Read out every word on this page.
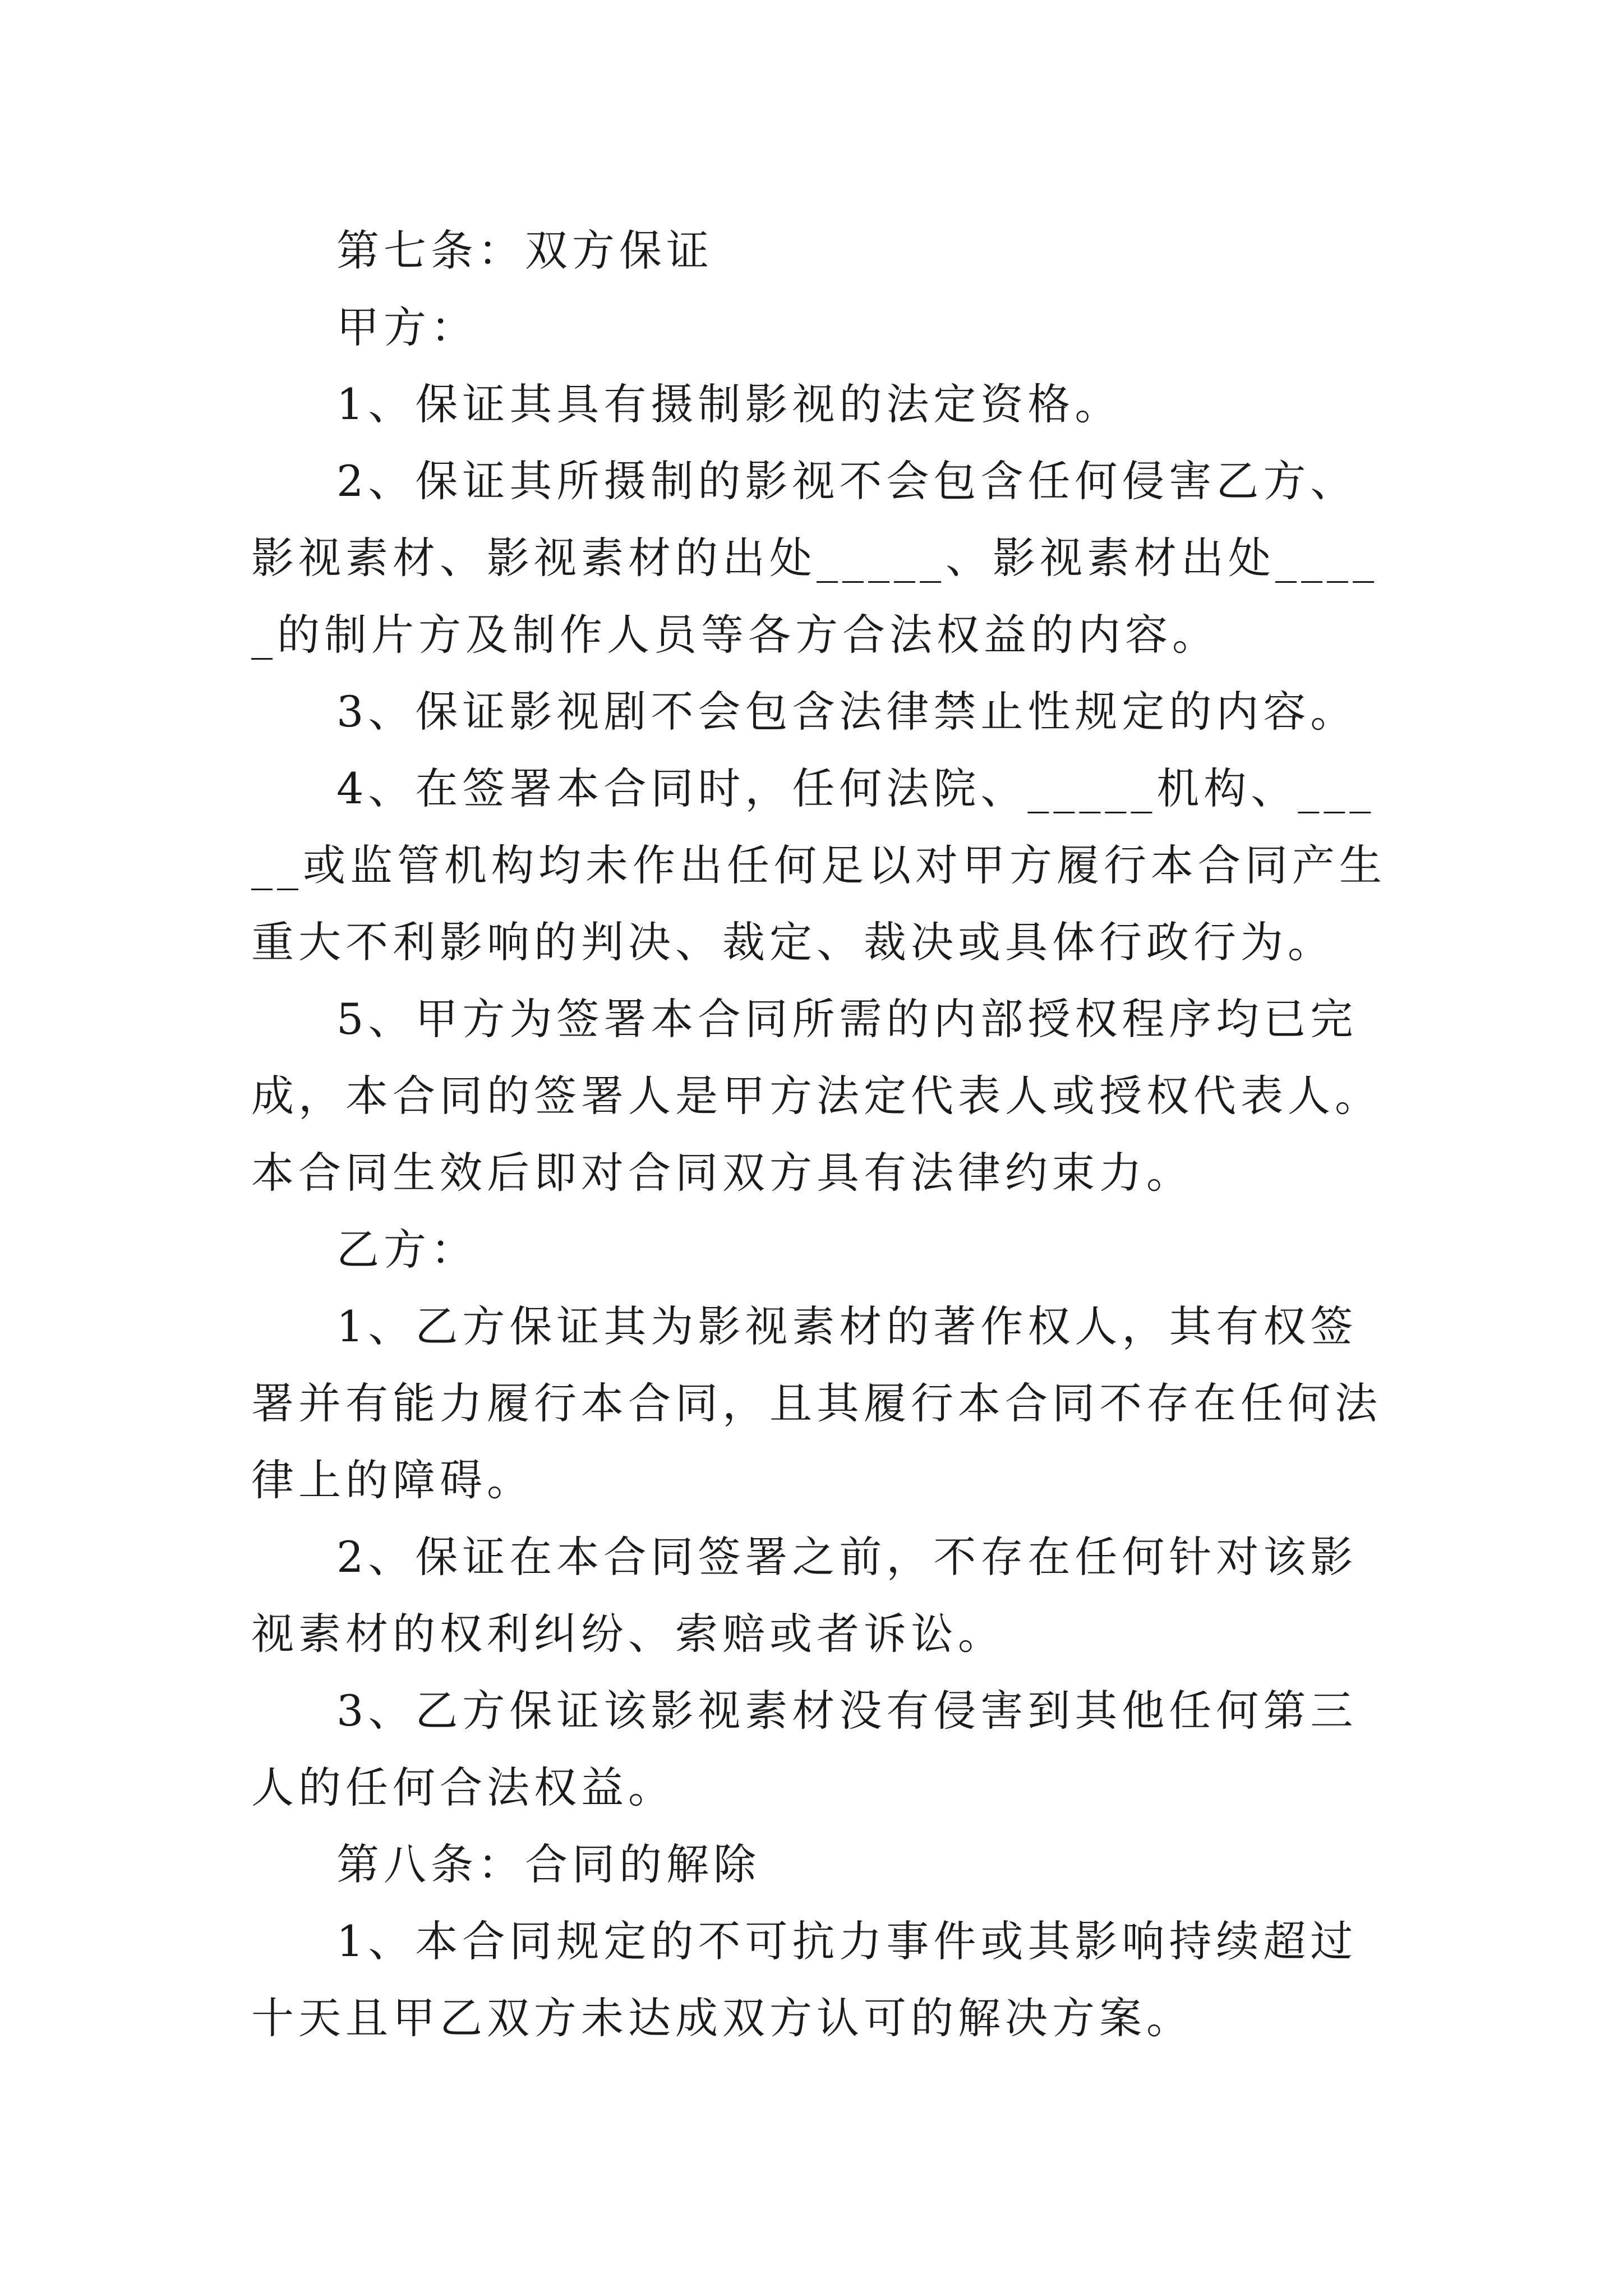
第七条：双方保证

甲方：

1、保证其具有摄制影视的法定资格。

2、保证其所摄制的影视不会包含任何侵害乙方、影视素材、影视素材的出处_____、影视素材出处_____的制片方及制作人员等各方合法权益的内容。

3、保证影视剧不会包含法律禁止性规定的内容。

4、在签署本合同时，任何法院、_____机构、_____或监管机构均未作出任何足以对甲方履行本合同产生重大不利影响的判决、裁定、裁决或具体行政行为。

5、甲方为签署本合同所需的内部授权程序均已完成，本合同的签署人是甲方法定代表人或授权代表人。本合同生效后即对合同双方具有法律约束力。

乙方：

1、乙方保证其为影视素材的著作权人，其有权签署并有能力履行本合同，且其履行本合同不存在任何法律上的障碍。

2、保证在本合同签署之前，不存在任何针对该影视素材的权利纠纷、索赔或者诉讼。

3、乙方保证该影视素材没有侵害到其他任何第三人的任何合法权益。

第八条：合同的解除

1、本合同规定的不可抗力事件或其影响持续超过十天且甲乙双方未达成双方认可的解决方案。
